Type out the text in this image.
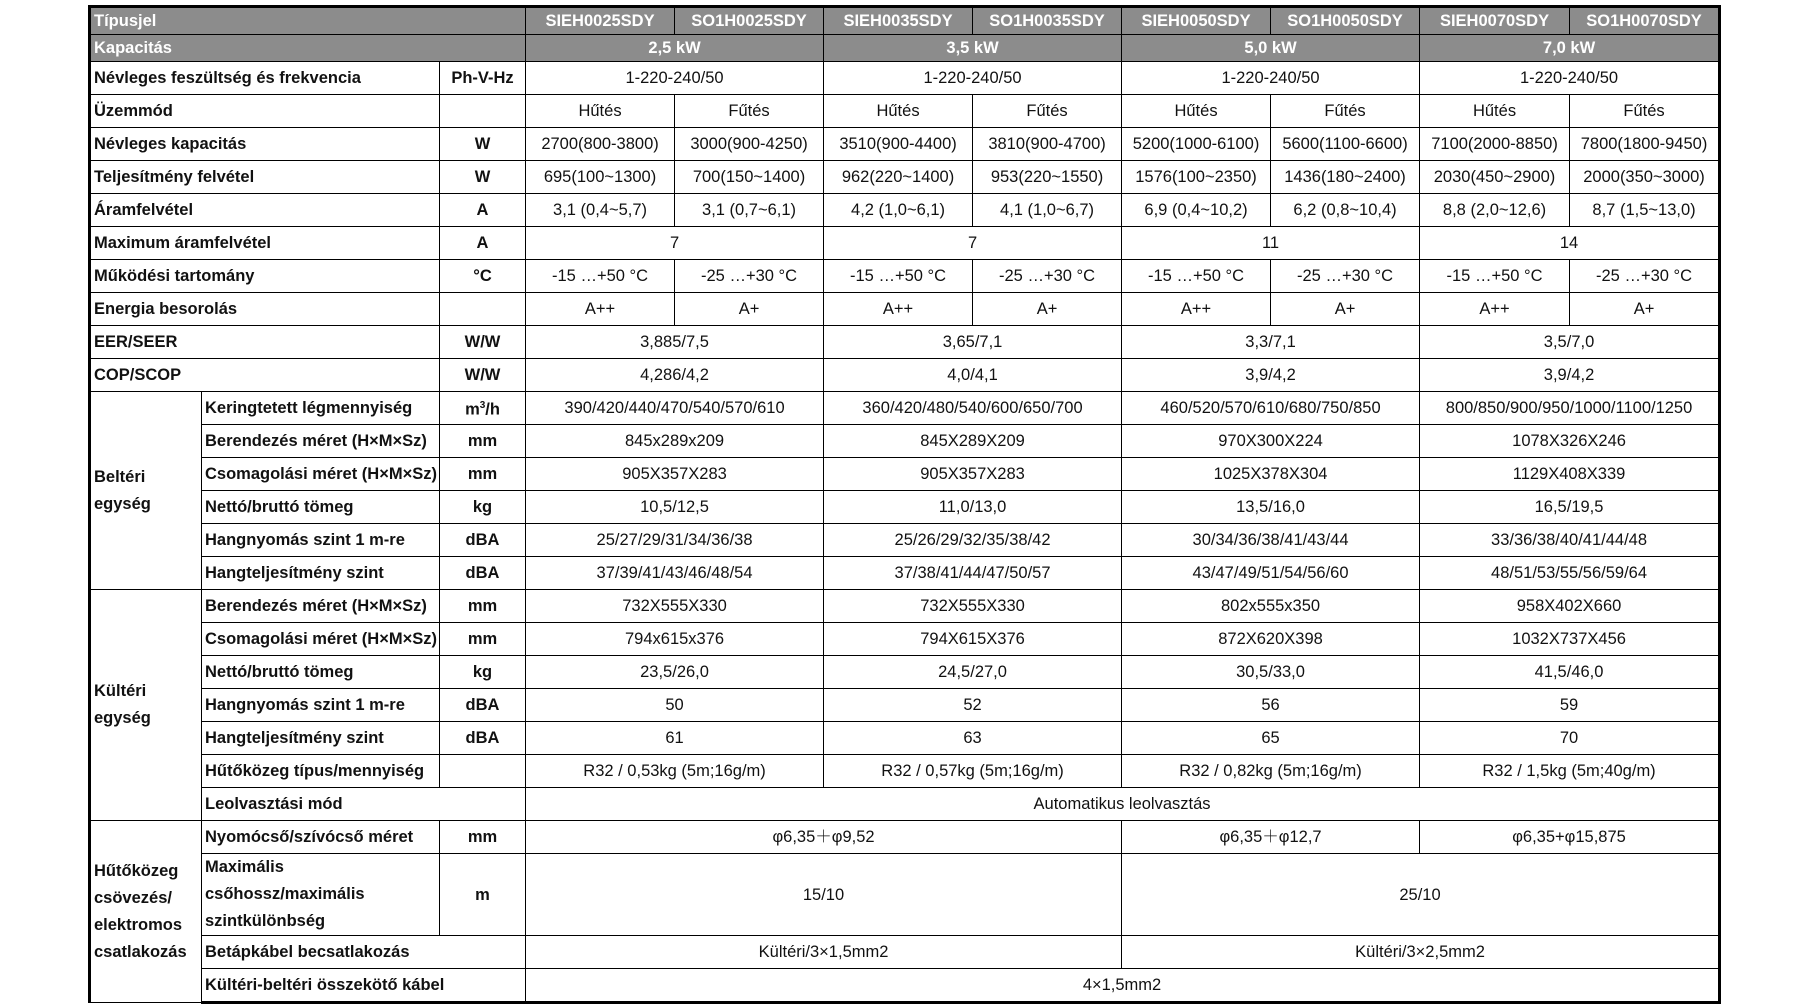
Típusjel			SIEH0025SDY	SO1H0025SDY	SIEH0035SDY	SO1H0035SDY	SIEH0050SDY	SO1H0050SDY	SIEH0070SDY	SO1H0070SDY
Kapacitás			2,5 kW		3,5 kW		5,0 kW		7,0 kW	
Névleges feszültség és frekvencia		Ph-V-Hz	1-220-240/50		1-220-240/50		1-220-240/50		1-220-240/50	
Üzemmód			Hűtés	Fűtés	Hűtés	Fűtés	Hűtés	Fűtés	Hűtés	Fűtés
Névleges kapacitás		W	2700(800-3800)	3000(900-4250)	3510(900-4400)	3810(900-4700)	5200(1000-6100)	5600(1100-6600)	7100(2000-8850)	7800(1800-9450)
Teljesítmény felvétel		W	695(100~1300)	700(150~1400)	962(220~1400)	953(220~1550)	1576(100~2350)	1436(180~2400)	2030(450~2900)	2000(350~3000)
Áramfelvétel		A	3,1 (0,4~5,7)	3,1 (0,7~6,1)	4,2 (1,0~6,1)	4,1 (1,0~6,7)	6,9 (0,4~10,2)	6,2 (0,8~10,4)	8,8 (2,0~12,6)	8,7 (1,5~13,0)
Maximum áramfelvétel		A	7		7		11		14	
Működési tartomány		°C	-15 …+50 °C	-25 …+30 °C	-15 …+50 °C	-25 …+30 °C	-15 …+50 °C	-25 …+30 °C	-15 …+50 °C	-25 …+30 °C
Energia besorolás			A++	A+	A++	A+	A++	A+	A++	A+
EER/SEER		W/W	3,885/7,5		3,65/7,1		3,3/7,1		3,5/7,0	
COP/SCOP		W/W	4,286/4,2		4,0/4,1		3,9/4,2		3,9/4,2	
Beltéri egység	Keringtetett légmennyiség	$m^3/h$	390/420/440/470/540/570/610		360/420/480/540/600/650/700		460/520/570/610/680/750/850		800/850/900/950/1000/1100/1250	
	Berendezés méret (H×M×Sz)	mm	845x289x209		845X289X209		970X300X224		1078X326X246	
	Csomagolási méret (H×M×Sz)	mm	905X357X283		905X357X283		1025X378X304		1129X408X339	
	Nettó/bruttó tömeg	kg	10,5/12,5		11,0/13,0		13,5/16,0		16,5/19,5	
	Hangnyomás szint 1 m-re	dBA	25/27/29/31/34/36/38		25/26/29/32/35/38/42		30/34/36/38/41/43/44		33/36/38/40/41/44/48	
	Hangteljesítmény szint	dBA	37/39/41/43/46/48/54		37/38/41/44/47/50/57		43/47/49/51/54/56/60		48/51/53/55/56/59/64	
Kültéri egység	Berendezés méret (H×M×Sz)	mm	732X555X330		732X555X330		802x555x350		958X402X660	
	Csomagolási méret (H×M×Sz)	mm	794x615x376		794X615X376		872X620X398		1032X737X456	
	Nettó/bruttó tömeg	kg	23,5/26,0		24,5/27,0		30,5/33,0		41,5/46,0	
	Hangnyomás szint 1 m-re	dBA	50		52		56		59	
	Hangteljesítmény szint	dBA	61		63		65		70	
	Hűtőközeg típus/mennyiség		R32 / 0,53kg (5m;16g/m)		R32 / 0,57kg (5m;16g/m)		R32 / 0,82kg (5m;16g/m)		R32 / 1,5kg (5m;40g/m)	
	Leolvasztási mód		Automatikus leolvasztás							
Hűtőközeg csövezés/ elektromos csatlakozás	Nyomócső/szívócső méret	mm	φ6,35＋φ9,52				φ6,35＋φ12,7		φ6,35+φ15,875	
	Maximális csőhossz/maximális szintkülönbség	m	15/10				25/10			
	Betápkábel becsatlakozás		Kültéri/3×1,5mm2				Kültéri/3×2,5mm2			
	Kültéri-beltéri összekötő kábel		4×1,5mm2							
